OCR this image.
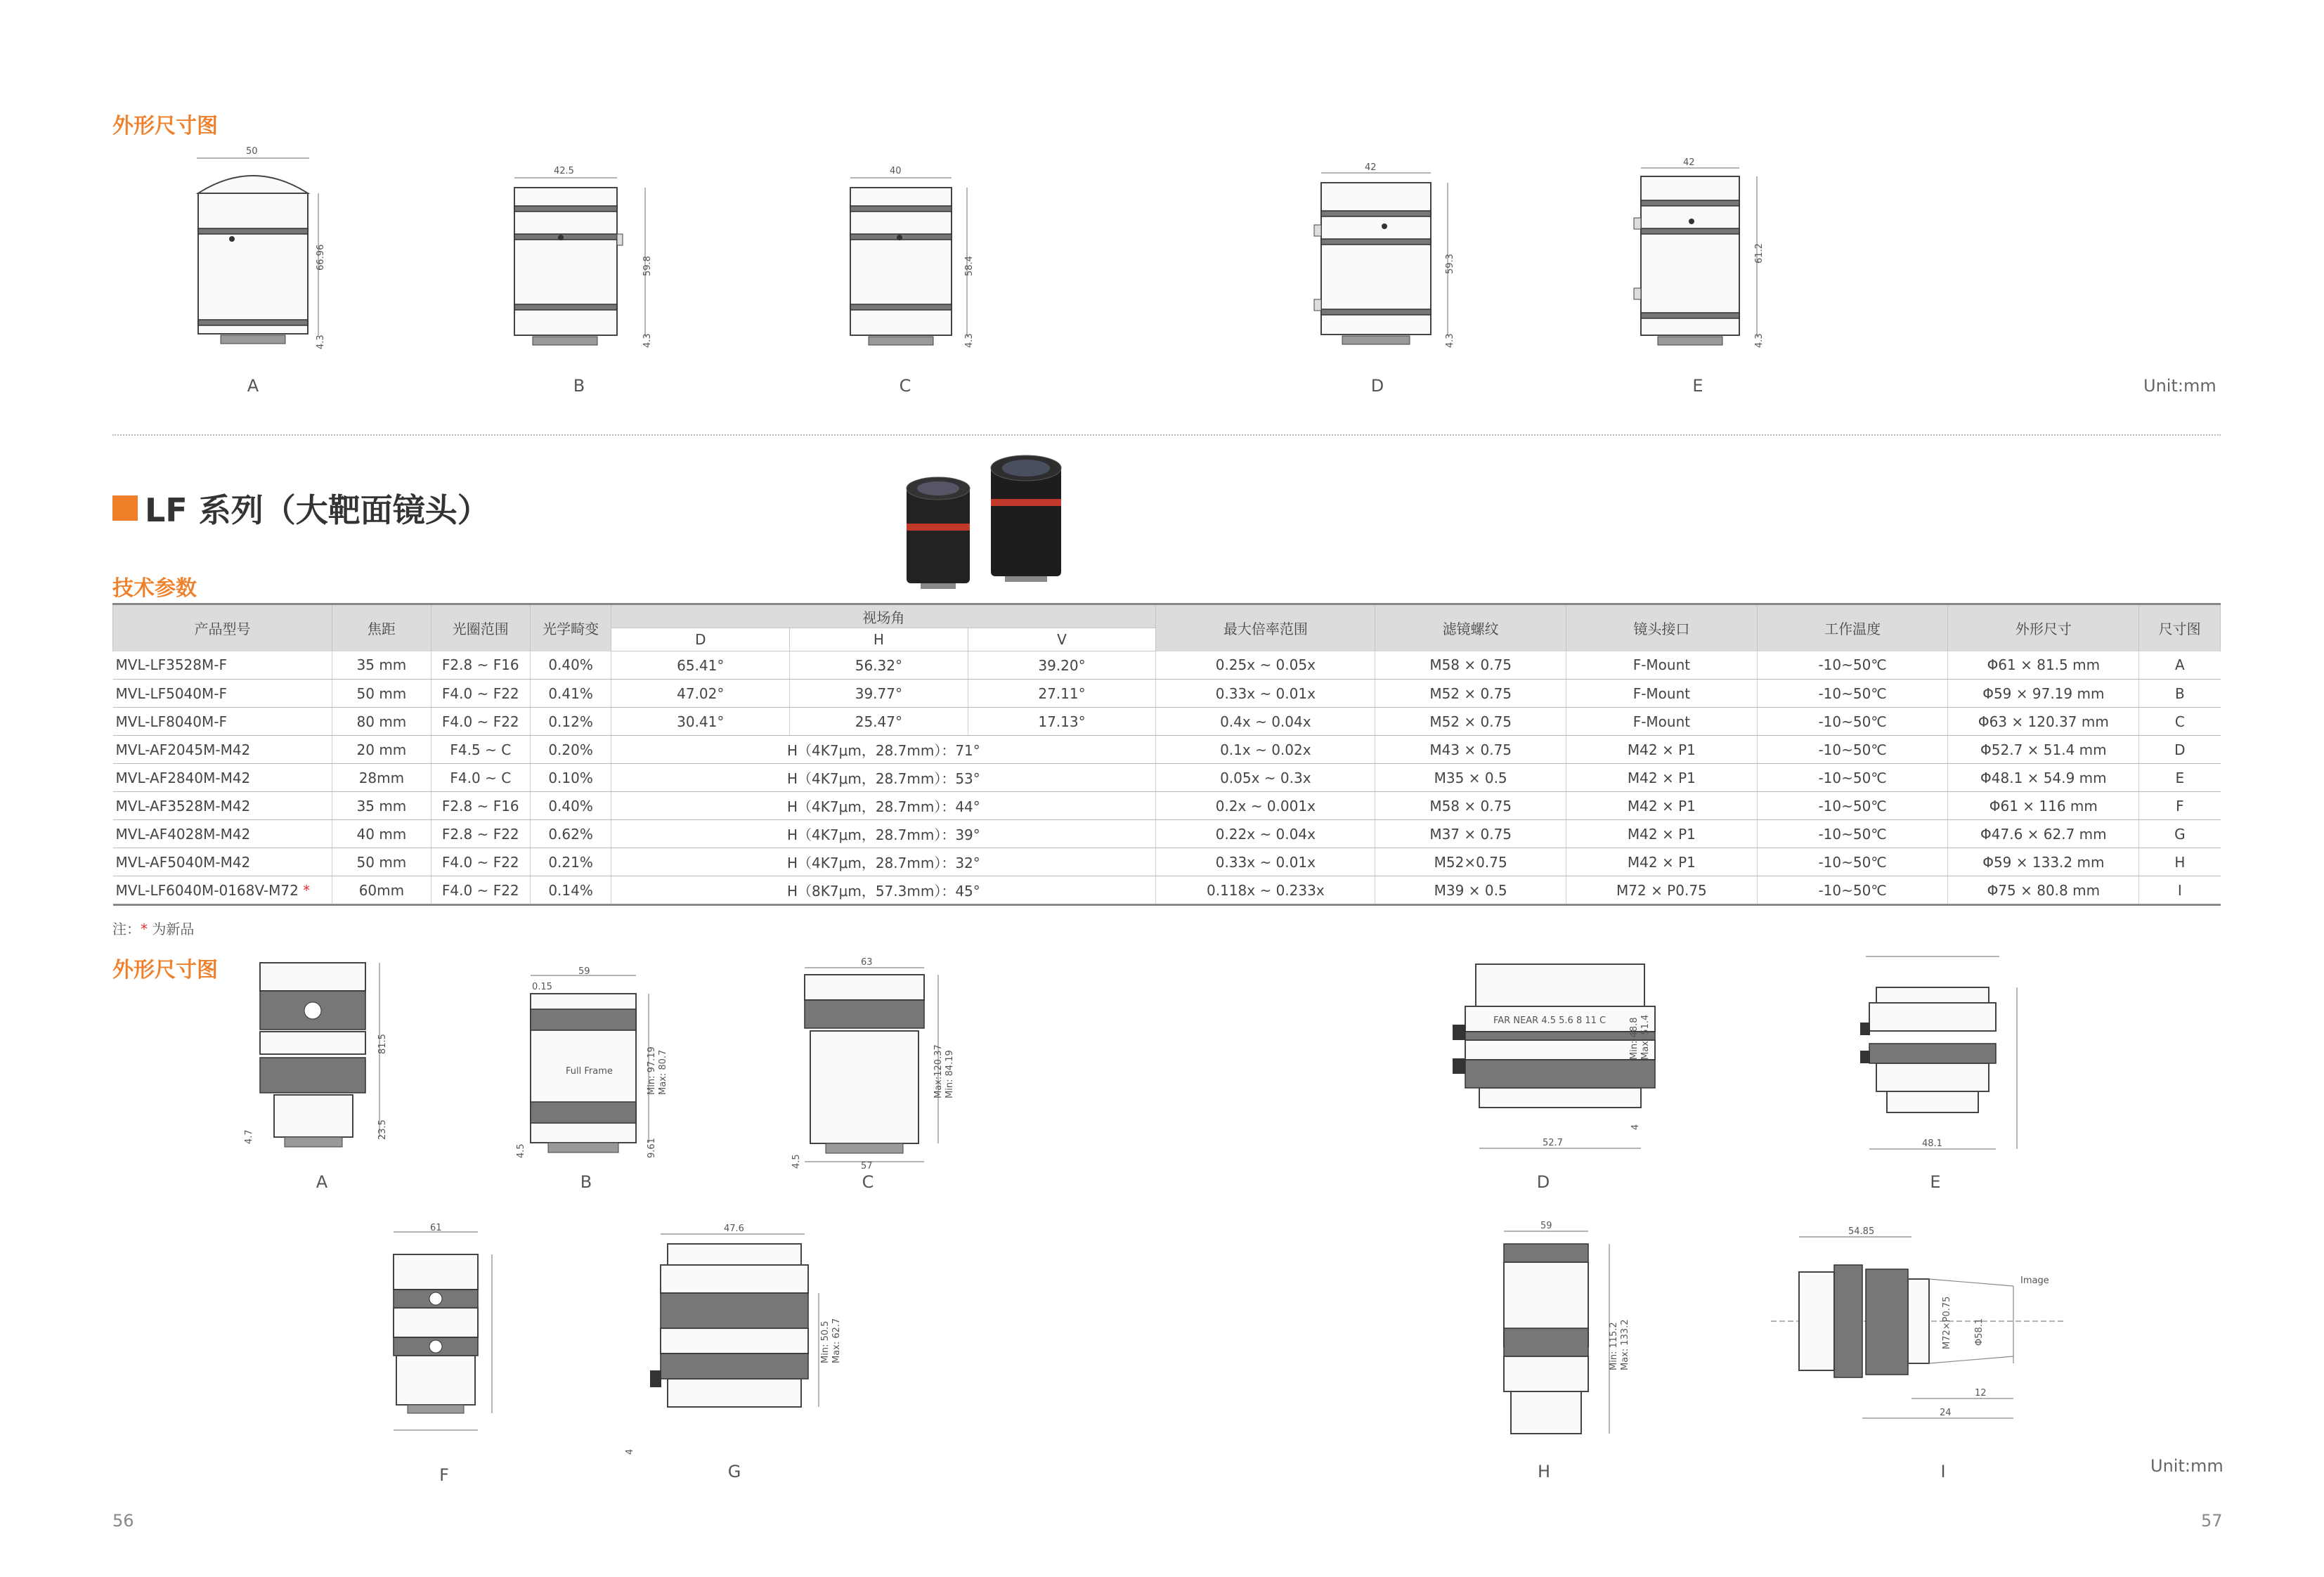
外形尺寸图
50
66.96
4.3
A
42.5
59.8
4.3
B
40
58.4
4.3
C
42
59.3
4.3
D
42
61.2
4.3
E	Unit:mm
LF 系列（大靶面镜头）
技术参数
产品型号	焦距	光圈范围	光学畸变	视场角			最大倍率范围	滤镜螺纹	镜头接口	工作温度	外形尺寸	尺寸图
				D	H	V						
MVL-LF3528M-F	35 mm	F2.8 ~ F16	0.40%	65.41°	56.32°	39.20°	0.25x ~ 0.05x	M58 × 0.75	F-Mount	-10~50℃	Φ61 × 81.5 mm	A
MVL-LF5040M-F	50 mm	F4.0 ~ F22	0.41%	47.02°	39.77°	27.11°	0.33x ~ 0.01x	M52 × 0.75	F-Mount	-10~50℃	Φ59 × 97.19 mm	B
MVL-LF8040M-F	80 mm	F4.0 ~ F22	0.12%	30.41°	25.47°	17.13°	0.4x ~ 0.04x	M52 × 0.75	F-Mount	-10~50℃	Φ63 × 120.37 mm	C
MVL-AF2045M-M42	20 mm	F4.5 ~ C	0.20%	H（4K7μm，28.7mm）：71°			0.1x ~ 0.02x	M43 × 0.75	M42 × P1	-10~50℃	Φ52.7 × 51.4 mm	D
MVL-AF2840M-M42	28mm	F4.0 ~ C	0.10%	H（4K7μm，28.7mm）：53°			0.05x ~ 0.3x	M35 × 0.5	M42 × P1	-10~50℃	Φ48.1 × 54.9 mm	E
MVL-AF3528M-M42	35 mm	F2.8 ~ F16	0.40%	H（4K7μm，28.7mm）：44°			0.2x ~ 0.001x	M58 × 0.75	M42 × P1	-10~50℃	Φ61 × 116 mm	F
MVL-AF4028M-M42	40 mm	F2.8 ~ F22	0.62%	H（4K7μm，28.7mm）：39°			0.22x ~ 0.04x	M37 × 0.75	M42 × P1	-10~50℃	Φ47.6 × 62.7 mm	G
MVL-AF5040M-M42	50 mm	F4.0 ~ F22	0.21%	H（4K7μm，28.7mm）：32°			0.33x ~ 0.01x	M52×0.75	M42 × P1	-10~50℃	Φ59 × 133.2 mm	H
MVL-LF6040M-0168V-M72 *	60mm	F4.0 ~ F22	0.14%	H（8K7μm，57.3mm）：45°			0.118x ~ 0.233x	M39 × 0.5	M72 × P0.75	-10~50℃	Φ75 × 80.8 mm	I
注：* 为新品
外形尺寸图
81.5
23.5
4.7
A
59
0.15
Full Frame	Min: 97.19 Max: 80.7
9.61
4.5
B
63
57
Max:120.37 Min: 84.19
4.5
C
FAR NEAR 4.5 5.6 8 11 C
52.7
Min: 48.8 Max: 51.4
4
D
48.1
E
61
F
47.6
Min: 50.5 Max: 62.7
4
G
59
Min: 115.2 Max: 133.2
H
54.85
Image
M72×P0.75 Φ58.1
12
24
I	Unit:mm
56	57
